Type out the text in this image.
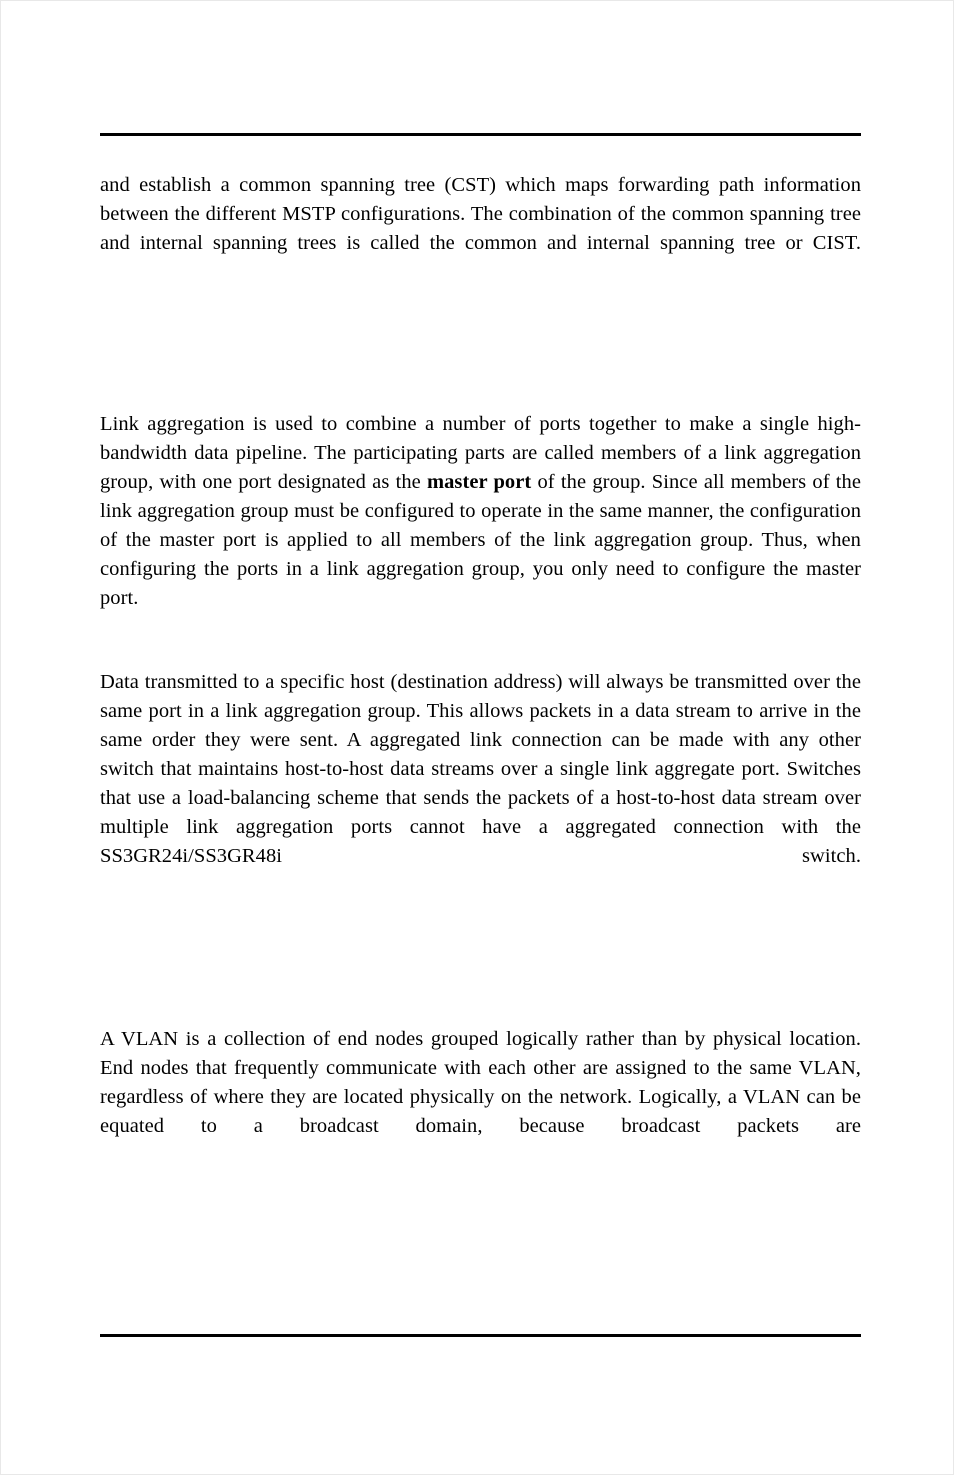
and establish a common spanning tree (CST) which maps forwarding path information between the different MSTP configurations. The combination of the common spanning tree and internal spanning trees is called the common and internal spanning tree or CIST.

Link aggregation is used to combine a number of ports together to make a single high-bandwidth data pipeline. The participating parts are called members of a link aggregation group, with one port designated as the master port of the group. Since all members of the link aggregation group must be configured to operate in the same manner, the configuration of the master port is applied to all members of the link aggregation group. Thus, when configuring the ports in a link aggregation group, you only need to configure the master port.

Data transmitted to a specific host (destination address) will always be transmitted over the same port in a link aggregation group. This allows packets in a data stream to arrive in the same order they were sent. A aggregated link connection can be made with any other switch that maintains host-to-host data streams over a single link aggregate port. Switches that use a load-balancing scheme that sends the packets of a host-to-host data stream over multiple link aggregation ports cannot have a aggregated connection with the SS3GR24i/SS3GR48i switch.

A VLAN is a collection of end nodes grouped logically rather than by physical location. End nodes that frequently communicate with each other are assigned to the same VLAN, regardless of where they are located physically on the network. Logically, a VLAN can be equated to a broadcast domain, because broadcast packets are
